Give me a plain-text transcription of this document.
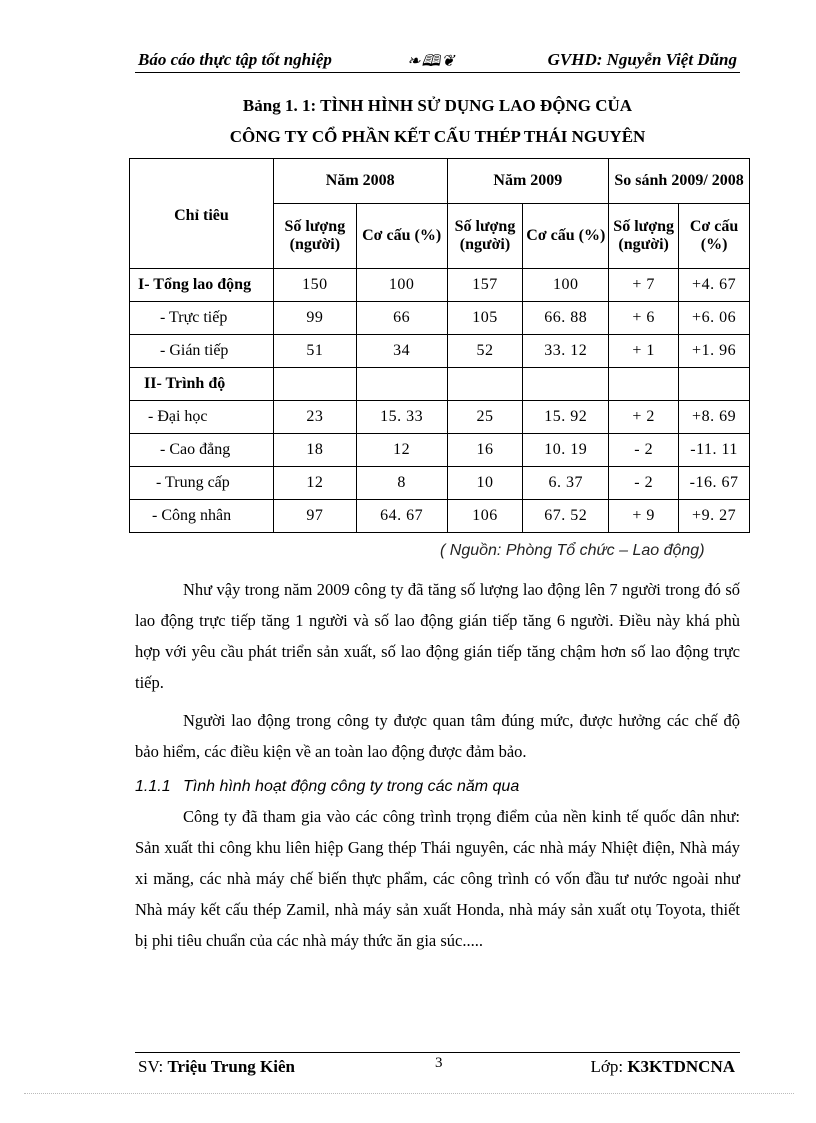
Báo cáo thực tập tốt nghiệp	❧🕮❦	GVHD: Nguyễn Việt Dũng
Bảng 1. 1: TÌNH HÌNH SỬ DỤNG LAO ĐỘNG CỦA
CÔNG TY CỔ PHẦN KẾT CẤU THÉP THÁI NGUYÊN
Chỉ tiêu	Năm 2008		Năm 2009		So sánh 2009/ 2008	
	Số lượng (người)	Cơ cấu (%)	Số lượng (người)	Cơ cấu (%)	Số lượng (người)	Cơ cấu (%)
I- Tổng lao động	150	100	157	100	+ 7	+4. 67
- Trực tiếp	99	66	105	66. 88	+ 6	+6. 06
- Gián tiếp	51	34	52	33. 12	+ 1	+1. 96
II- Trình độ						
- Đại học	23	15. 33	25	15. 92	+ 2	+8. 69
- Cao đẳng	18	12	16	10. 19	- 2	-11. 11
- Trung cấp	12	8	10	6. 37	- 2	-16. 67
- Công nhân	97	64. 67	106	67. 52	+ 9	+9. 27
( Nguồn: Phòng Tổ chức – Lao động)
Như vậy trong năm 2009 công ty đã tăng số lượng lao động lên 7 người trong đó số lao động trực tiếp tăng 1 người và số lao động gián tiếp tăng 6 người. Điều này khá phù hợp với yêu cầu phát triển sản xuất, số lao động gián tiếp tăng chậm hơn số lao động trực tiếp.
Người lao động trong công ty được quan tâm đúng mức, được hưởng các chế độ bảo hiểm, các điều kiện về an toàn lao động được đảm bảo.
1.1.1 Tình hình hoạt động công ty trong các năm qua
Công ty đã tham gia vào các công trình trọng điểm của nền kinh tế quốc dân như: Sản xuất thi công khu liên hiệp Gang thép Thái nguyên, các nhà máy Nhiệt điện, Nhà máy xi măng, các nhà máy chế biến thực phẩm, các công trình có vốn đầu tư nước ngoài như Nhà máy kết cấu thép Zamil, nhà máy sản xuất Honda, nhà máy sản xuất otụ Toyota, thiết bị phi tiêu chuẩn của các nhà máy thức ăn gia súc.....
SV: Triệu Trung Kiên	3	Lớp: K3KTDNCNA
